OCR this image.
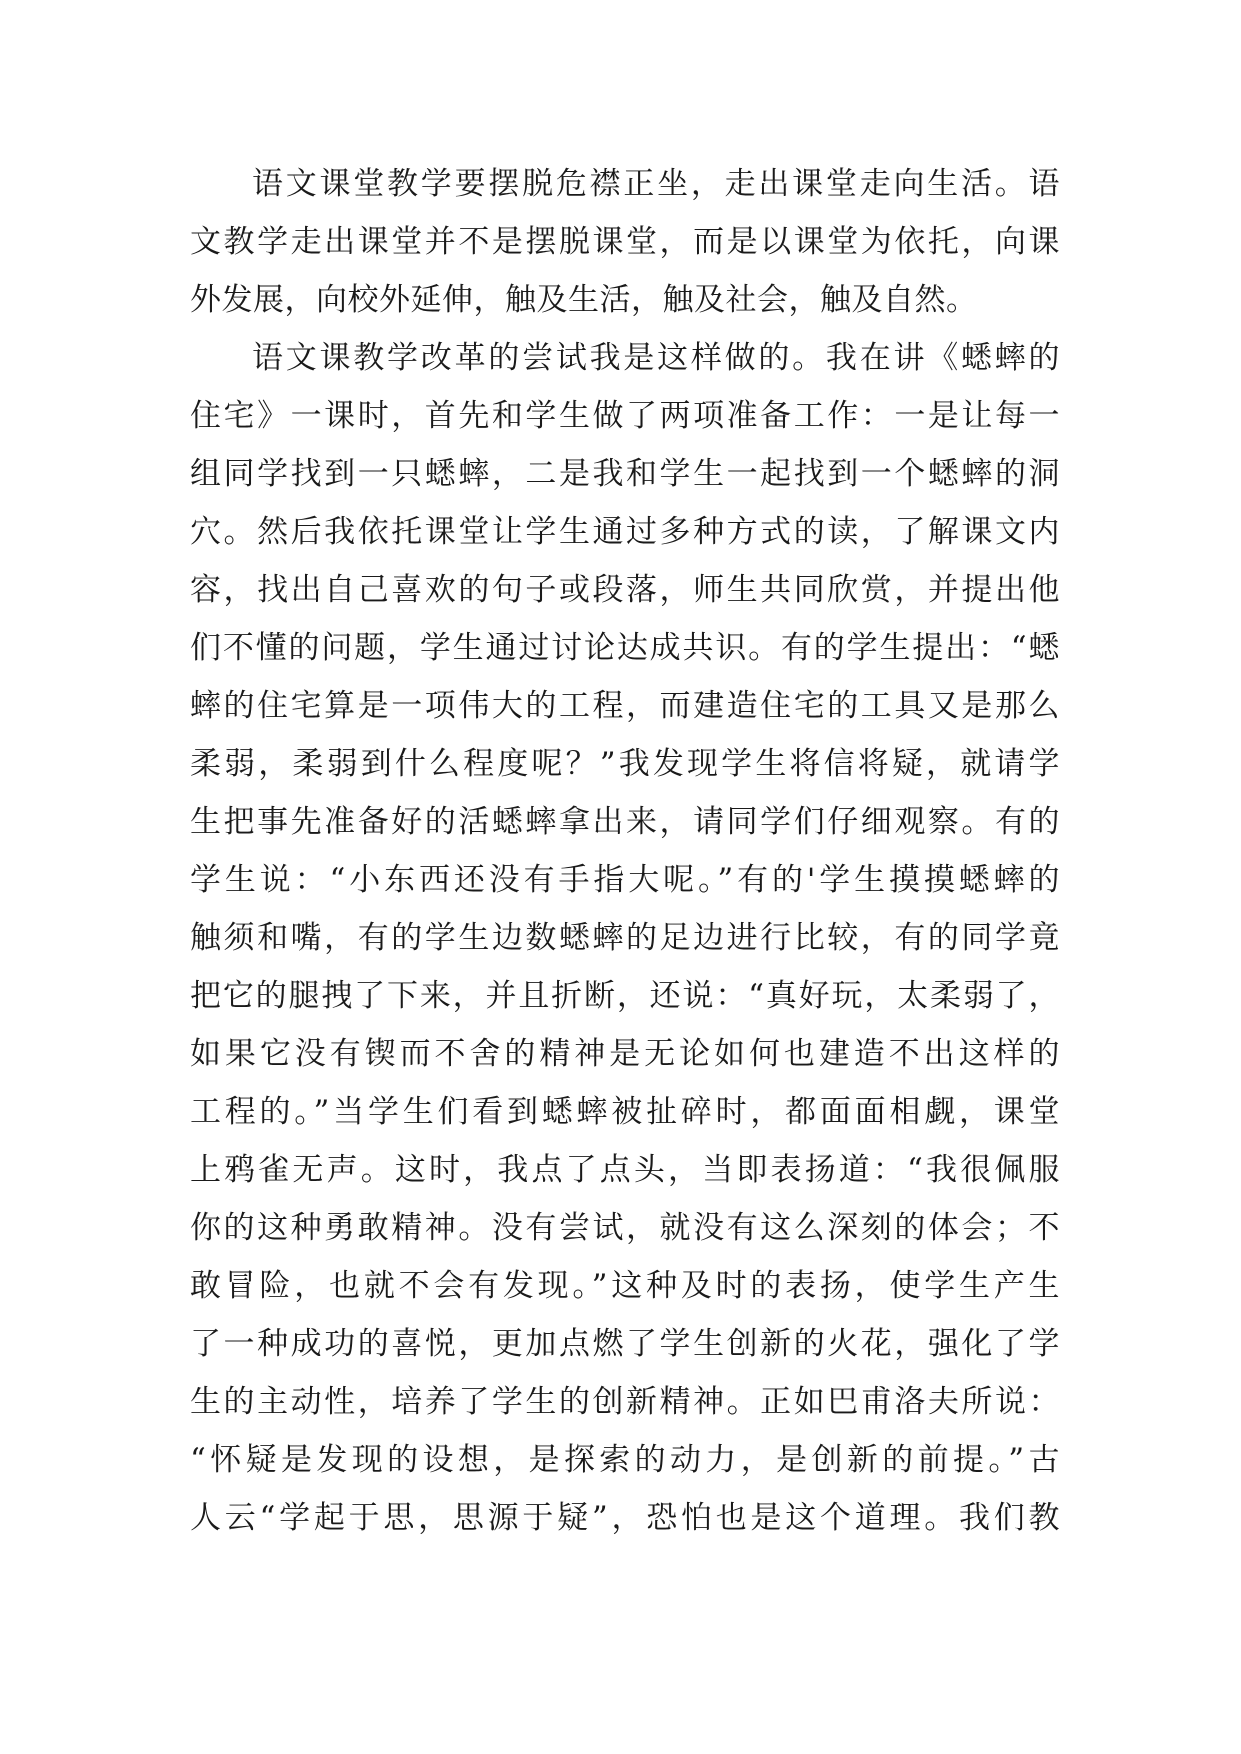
语文课堂教学要摆脱危襟正坐，走出课堂走向生活。语
文教学走出课堂并不是摆脱课堂，而是以课堂为依托，向课
外发展，向校外延伸，触及生活，触及社会，触及自然。
语文课教学改革的尝试我是这样做的。我在讲《蟋蟀的
住宅》一课时，首先和学生做了两项准备工作：一是让每一
组同学找到一只蟋蟀，二是我和学生一起找到一个蟋蟀的洞
穴。然后我依托课堂让学生通过多种方式的读，了解课文内
容，找出自己喜欢的句子或段落，师生共同欣赏，并提出他
们不懂的问题，学生通过讨论达成共识。有的学生提出：“蟋
蟀的住宅算是一项伟大的工程，而建造住宅的工具又是那么
柔弱，柔弱到什么程度呢？”我发现学生将信将疑，就请学
生把事先准备好的活蟋蟀拿出来，请同学们仔细观察。有的
学生说：“小东西还没有手指大呢。”有的'学生摸摸蟋蟀的
触须和嘴，有的学生边数蟋蟀的足边进行比较，有的同学竟
把它的腿拽了下来，并且折断，还说：“真好玩，太柔弱了，
如果它没有锲而不舍的精神是无论如何也建造不出这样的
工程的。”当学生们看到蟋蟀被扯碎时，都面面相觑，课堂
上鸦雀无声。这时，我点了点头，当即表扬道：“我很佩服
你的这种勇敢精神。没有尝试，就没有这么深刻的体会；不
敢冒险，也就不会有发现。”这种及时的表扬，使学生产生
了一种成功的喜悦，更加点燃了学生创新的火花，强化了学
生的主动性，培养了学生的创新精神。正如巴甫洛夫所说：
“怀疑是发现的设想，是探索的动力，是创新的前提。”古
人云“学起于思，思源于疑”，恐怕也是这个道理。我们教
